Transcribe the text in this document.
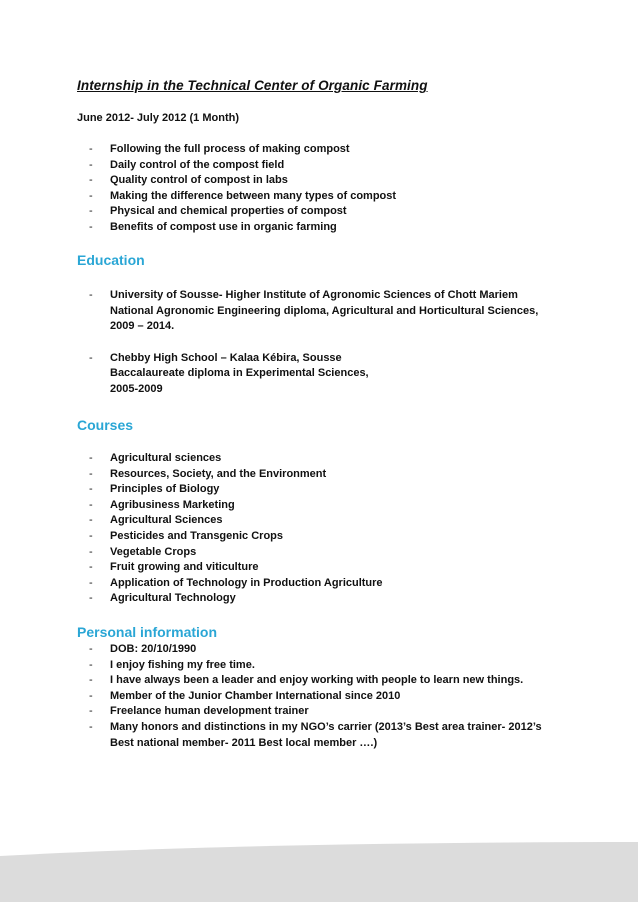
Internship in the Technical Center of Organic Farming
June 2012- July 2012 (1 Month)
- Following the full process of making compost
- Daily control of the compost field
- Quality control of compost in labs
- Making the difference between many types of compost
- Physical and chemical properties of compost
- Benefits of compost use in organic farming
Education
- University of Sousse- Higher Institute of Agronomic Sciences of Chott Mariem
National Agronomic Engineering diploma, Agricultural and Horticultural Sciences,
2009 – 2014.
- Chebby High School – Kalaa Kébira, Sousse
Baccalaureate diploma in Experimental Sciences,
2005-2009
Courses
- Agricultural sciences
- Resources, Society, and the Environment
- Principles of Biology
- Agribusiness Marketing
- Agricultural Sciences
- Pesticides and Transgenic Crops
- Vegetable Crops
- Fruit growing and viticulture
- Application of Technology in Production Agriculture
- Agricultural Technology
Personal information
- DOB: 20/10/1990
- I enjoy fishing my free time.
- I have always been a leader and enjoy working with people to learn new things.
- Member of the Junior Chamber International since 2010
- Freelance human development trainer
- Many honors and distinctions in my NGO’s carrier (2013’s Best area trainer- 2012’s
Best national member- 2011 Best local member ….)
